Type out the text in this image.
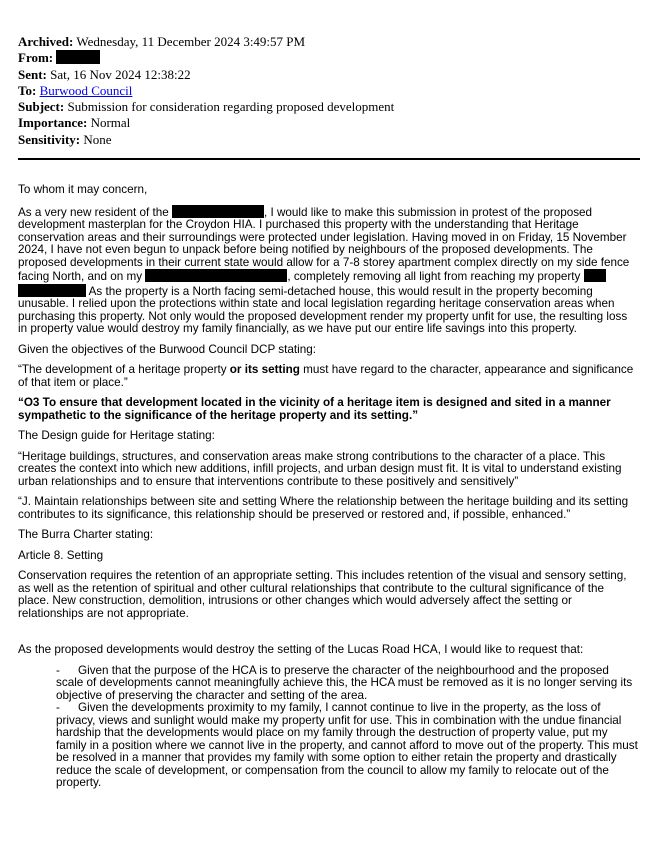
Archived: Wednesday, 11 December 2024 3:49:57 PM
From:
Sent: Sat, 16 Nov 2024 12:38:22
To: Burwood Council
Subject: Submission for consideration regarding proposed development
Importance: Normal
Sensitivity: None

To whom it may concern,

As a very new resident of the	, I would like to make this submission in protest of the proposed development masterplan for the Croydon HIA. I purchased this property with the understanding that Heritage conservation areas and their surroundings were protected under legislation. Having moved in on Friday, 15 November 2024, I have not even begun to unpack before being notified by neighbours of the proposed developments. The proposed developments in their current state would allow for a 7-8 storey apartment complex directly on my side fence facing North, and on my	, completely removing all light from reaching my property   As the property is a North facing semi-detached house, this would result in the property becoming unusable. I relied upon the protections within state and local legislation regarding heritage conservation areas when purchasing this property. Not only would the proposed development render my property unfit for use, the resulting loss in property value would destroy my family financially, as we have put our entire life savings into this property.

Given the objectives of the Burwood Council DCP stating:

“The development of a heritage property or its setting must have regard to the character, appearance and significance of that item or place.”

“O3 To ensure that development located in the vicinity of a heritage item is designed and sited in a manner sympathetic to the significance of the heritage property and its setting.”

The Design guide for Heritage stating:

“Heritage buildings, structures, and conservation areas make strong contributions to the character of a place. This creates the context into which new additions, infill projects, and urban design must fit. It is vital to understand existing urban relationships and to ensure that interventions contribute to these positively and sensitively”

“J. Maintain relationships between site and setting Where the relationship between the heritage building and its setting contributes to its significance, this relationship should be preserved or restored and, if possible, enhanced.”

The Burra Charter stating:

Article 8. Setting

Conservation requires the retention of an appropriate setting. This includes retention of the visual and sensory setting, as well as the retention of spiritual and other cultural relationships that contribute to the cultural significance of the place. New construction, demolition, intrusions or other changes which would adversely affect the setting or relationships are not appropriate.

As the proposed developments would destroy the setting of the Lucas Road HCA, I would like to request that:

-	Given that the purpose of the HCA is to preserve the character of the neighbourhood and the proposed scale of developments cannot meaningfully achieve this, the HCA must be removed as it is no longer serving its objective of preserving the character and setting of the area.
-	Given the developments proximity to my family, I cannot continue to live in the property, as the loss of privacy, views and sunlight would make my property unfit for use. This in combination with the undue financial hardship that the developments would place on my family through the destruction of property value, put my family in a position where we cannot live in the property, and cannot afford to move out of the property. This must be resolved in a manner that provides my family with some option to either retain the property and drastically reduce the scale of development, or compensation from the council to allow my family to relocate out of the property.
